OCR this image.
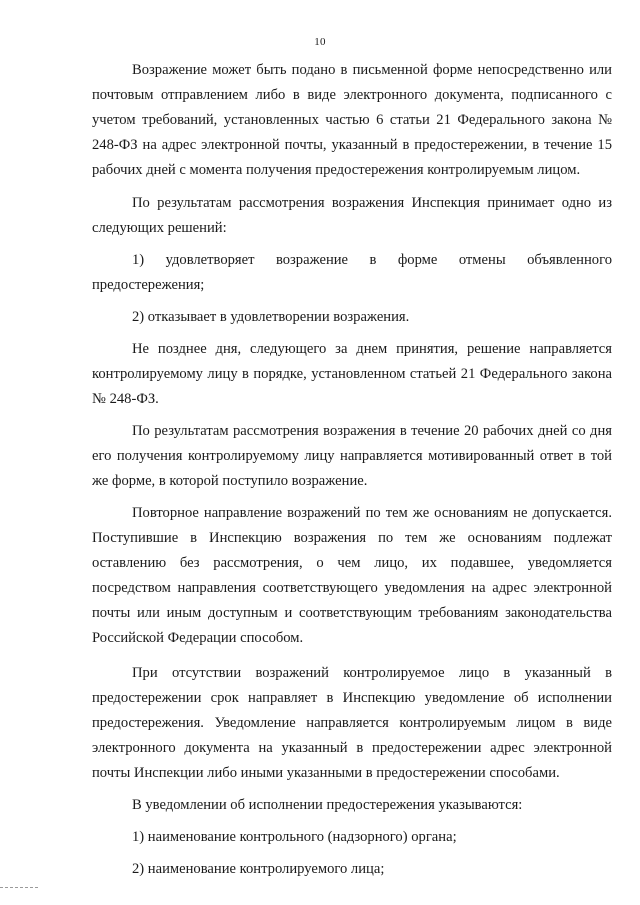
10

Возражение может быть подано в письменной форме непосредственно или почтовым отправлением либо в виде электронного документа, подписанного с учетом требований, установленных частью 6 статьи 21 Федерального закона № 248-ФЗ на адрес электронной почты, указанный в предостережении, в течение 15 рабочих дней с момента получения предостережения контролируемым лицом.

По результатам рассмотрения возражения Инспекция принимает одно из следующих решений:

1) удовлетворяет возражение в форме отмены объявленного предостережения;

2) отказывает в удовлетворении возражения.

Не позднее дня, следующего за днем принятия, решение направляется контролируемому лицу в порядке, установленном статьей 21 Федерального закона № 248-ФЗ.

По результатам рассмотрения возражения в течение 20 рабочих дней со дня его получения контролируемому лицу направляется мотивированный ответ в той же форме, в которой поступило возражение.

Повторное направление возражений по тем же основаниям не допускается. Поступившие в Инспекцию возражения по тем же основаниям подлежат оставлению без рассмотрения, о чем лицо, их подавшее, уведомляется посредством направления соответствующего уведомления на адрес электронной почты или иным доступным и соответствующим требованиям законодательства Российской Федерации способом.

При отсутствии возражений контролируемое лицо в указанный в предостережении срок направляет в Инспекцию уведомление об исполнении предостережения. Уведомление направляется контролируемым лицом в виде электронного документа на указанный в предостережении адрес электронной почты Инспекции либо иными указанными в предостережении способами.

В уведомлении об исполнении предостережения указываются:

1) наименование контрольного (надзорного) органа;

2) наименование контролируемого лица;
